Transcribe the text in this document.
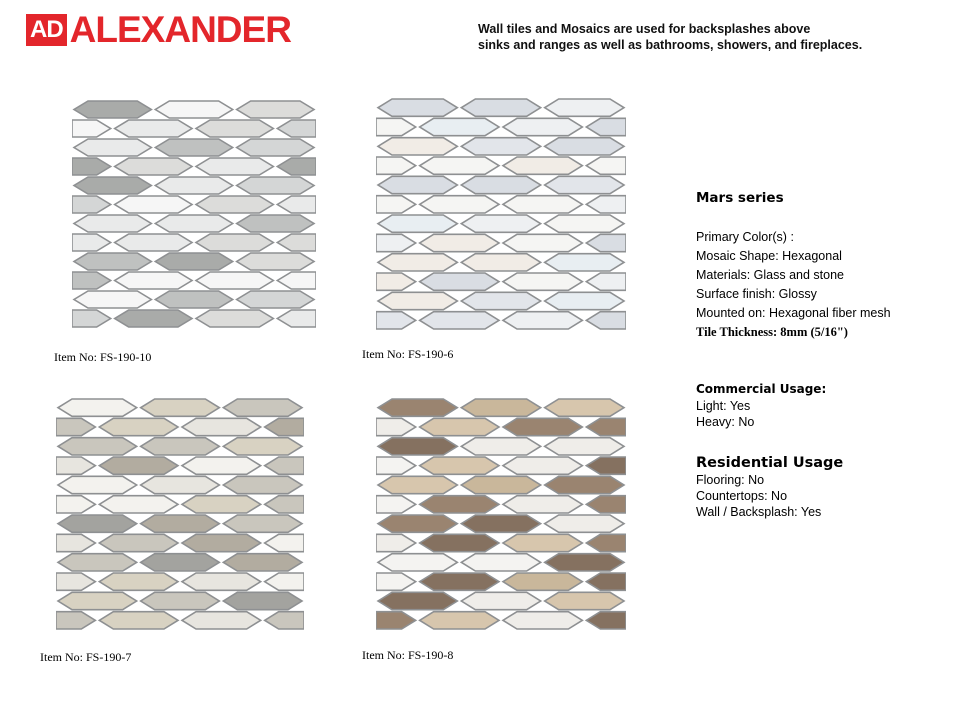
AD ALEXANDER	Wall tiles and Mosaics are used for backsplashes above
sinks and ranges as well as bathrooms, showers, and fireplaces.
Item No: FS-190-10	Item No: FS-190-6
Item No: FS-190-7	Item No: FS-190-8
Mars series
Primary Color(s) :
Mosaic Shape: Hexagonal
Materials: Glass and stone
Surface finish: Glossy
Mounted on: Hexagonal fiber mesh
Tile Thickness: 8mm (5/16")
Commercial Usage:
Light: Yes
Heavy: No
Residential Usage
Flooring: No
Countertops: No
Wall / Backsplash: Yes
